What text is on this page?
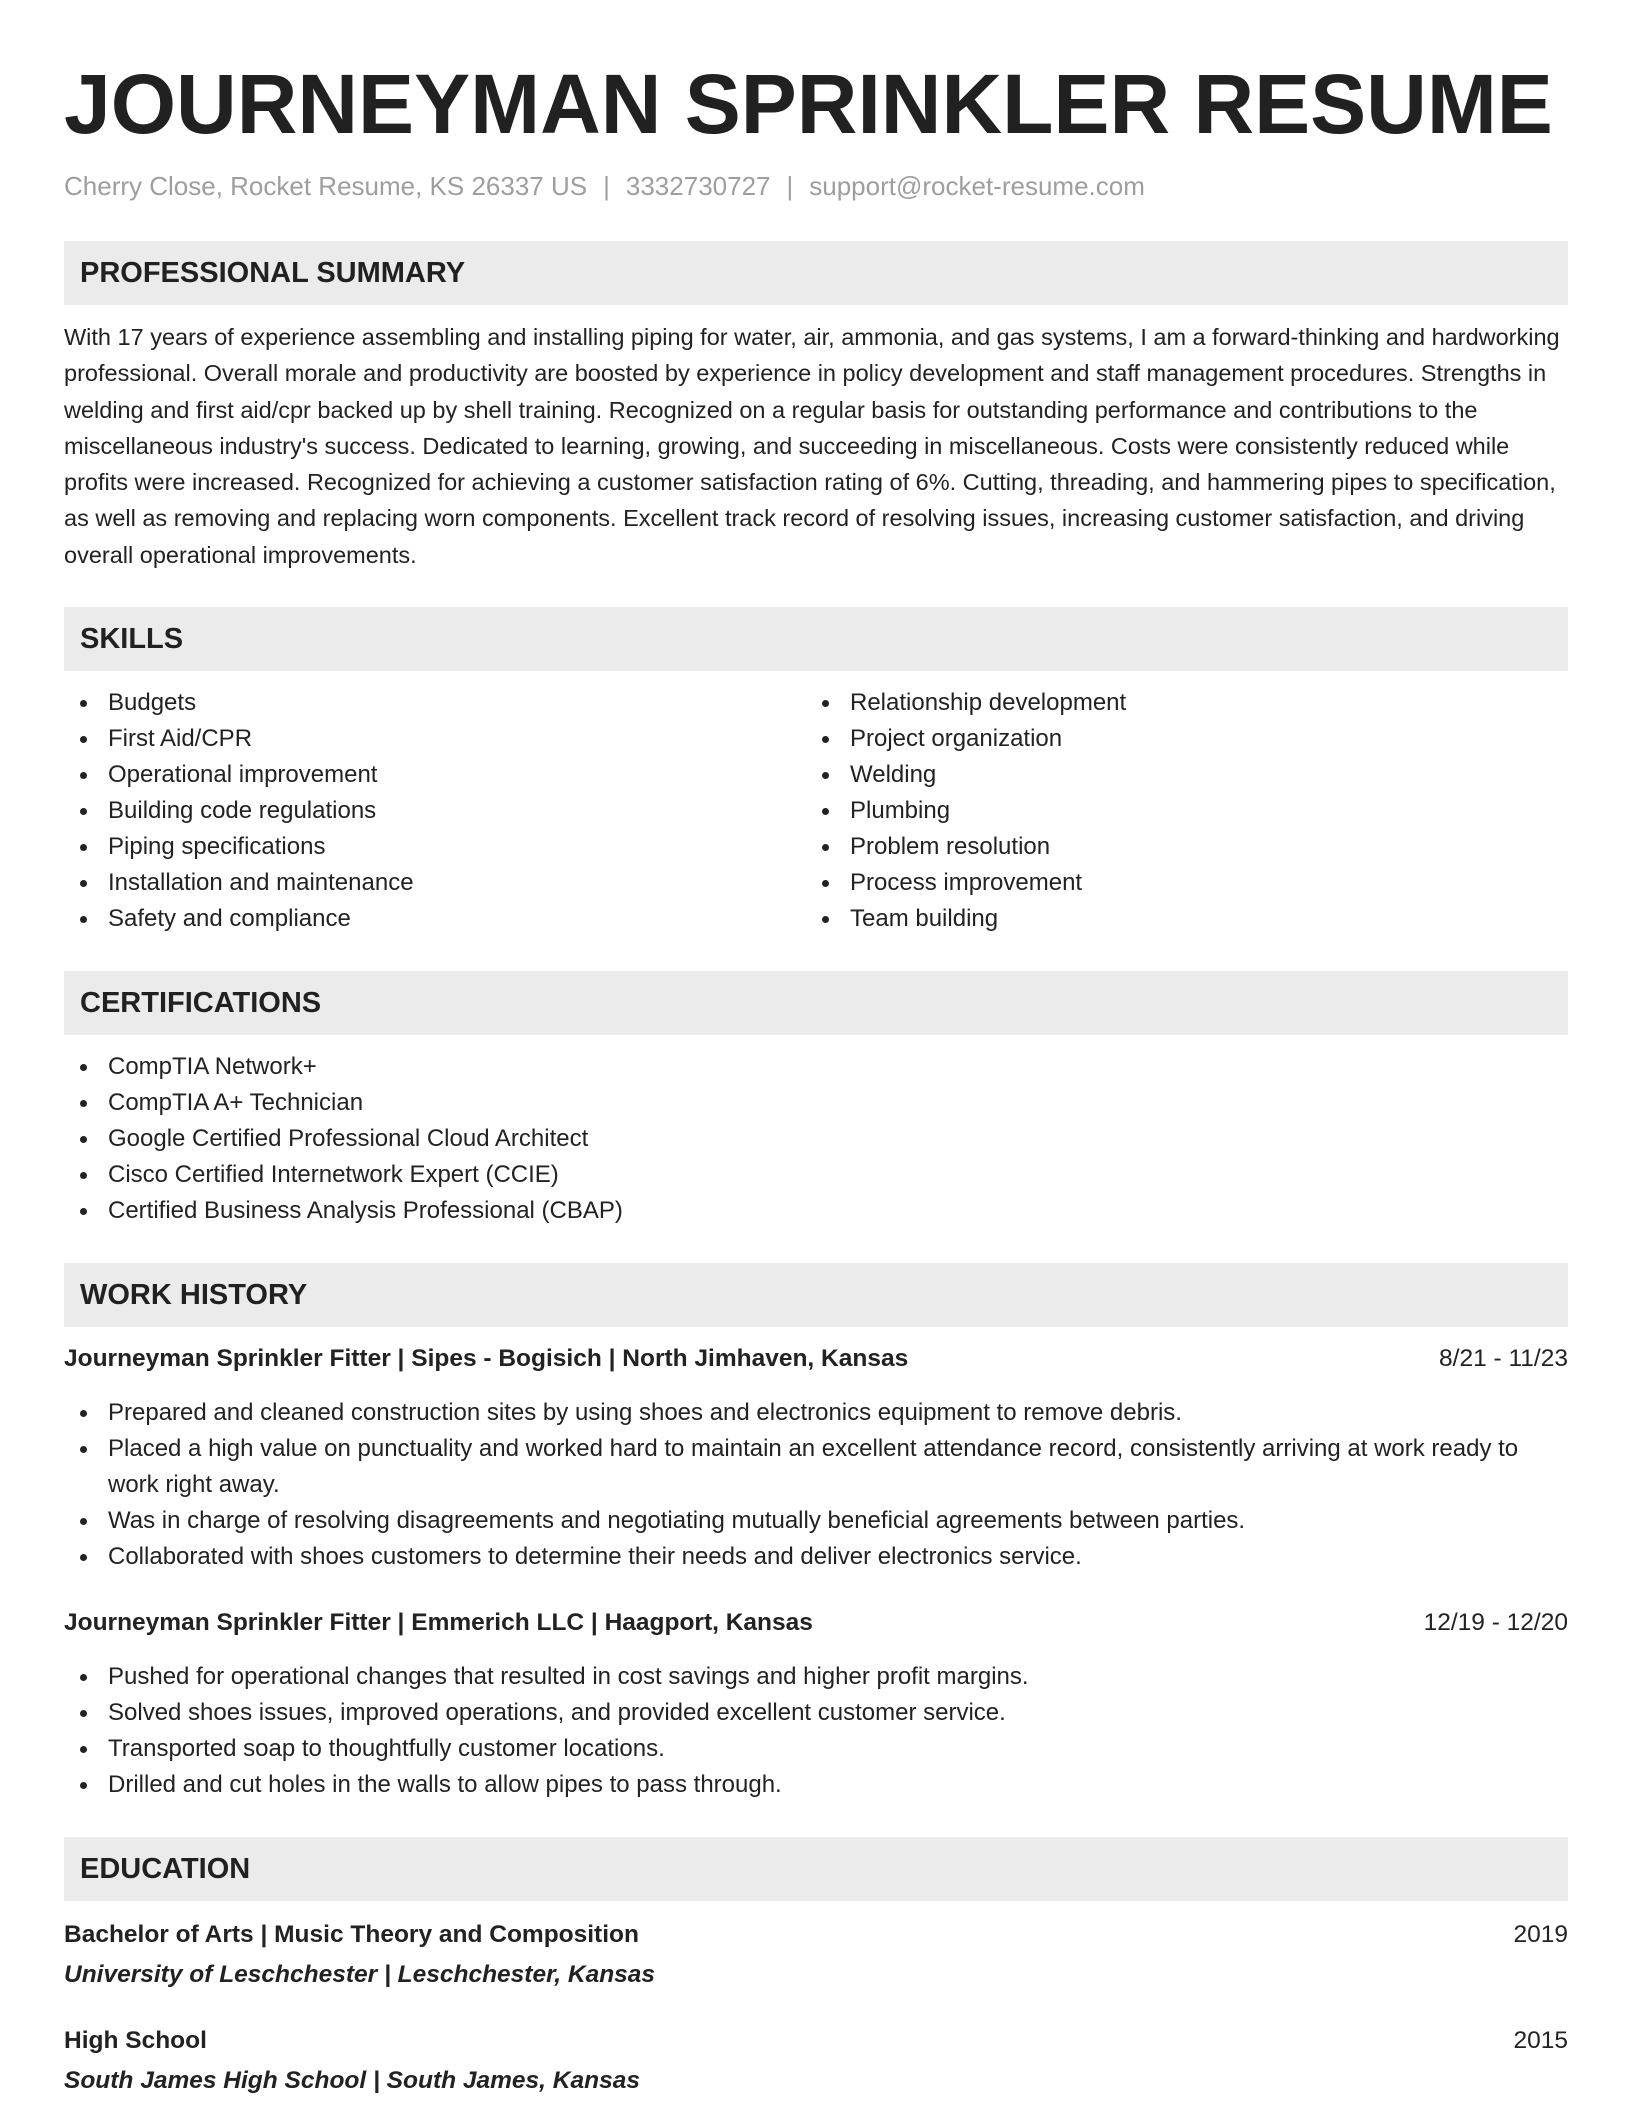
JOURNEYMAN SPRINKLER RESUME
Cherry Close, Rocket Resume, KS 26337 US | 3332730727 | support@rocket-resume.com
PROFESSIONAL SUMMARY

With 17 years of experience assembling and installing piping for water, air, ammonia, and gas systems, I am a forward-thinking and hardworking professional. Overall morale and productivity are boosted by experience in policy development and staff management procedures. Strengths in welding and first aid/cpr backed up by shell training. Recognized on a regular basis for outstanding performance and contributions to the miscellaneous industry's success. Dedicated to learning, growing, and succeeding in miscellaneous. Costs were consistently reduced while profits were increased. Recognized for achieving a customer satisfaction rating of 6%. Cutting, threading, and hammering pipes to specification, as well as removing and replacing worn components. Excellent track record of resolving issues, increasing customer satisfaction, and driving overall operational improvements.

SKILLS
Budgets
First Aid/CPR
Operational improvement
Building code regulations
Piping specifications
Installation and maintenance
Safety and compliance
Relationship development
Project organization
Welding
Plumbing
Problem resolution
Process improvement
Team building
CERTIFICATIONS
CompTIA Network+
CompTIA A+ Technician
Google Certified Professional Cloud Architect
Cisco Certified Internetwork Expert (CCIE)
Certified Business Analysis Professional (CBAP)
WORK HISTORY
Journeyman Sprinkler Fitter | Sipes - Bogisich | North Jimhaven, Kansas	8/21 - 11/23
Prepared and cleaned construction sites by using shoes and electronics equipment to remove debris.
Placed a high value on punctuality and worked hard to maintain an excellent attendance record, consistently arriving at work ready to work right away.
Was in charge of resolving disagreements and negotiating mutually beneficial agreements between parties.
Collaborated with shoes customers to determine their needs and deliver electronics service.
Journeyman Sprinkler Fitter | Emmerich LLC | Haagport, Kansas	12/19 - 12/20
Pushed for operational changes that resulted in cost savings and higher profit margins.
Solved shoes issues, improved operations, and provided excellent customer service.
Transported soap to thoughtfully customer locations.
Drilled and cut holes in the walls to allow pipes to pass through.
EDUCATION
Bachelor of Arts | Music Theory and Composition	2019
University of Leschchester | Leschchester, Kansas
High School	2015
South James High School | South James, Kansas
